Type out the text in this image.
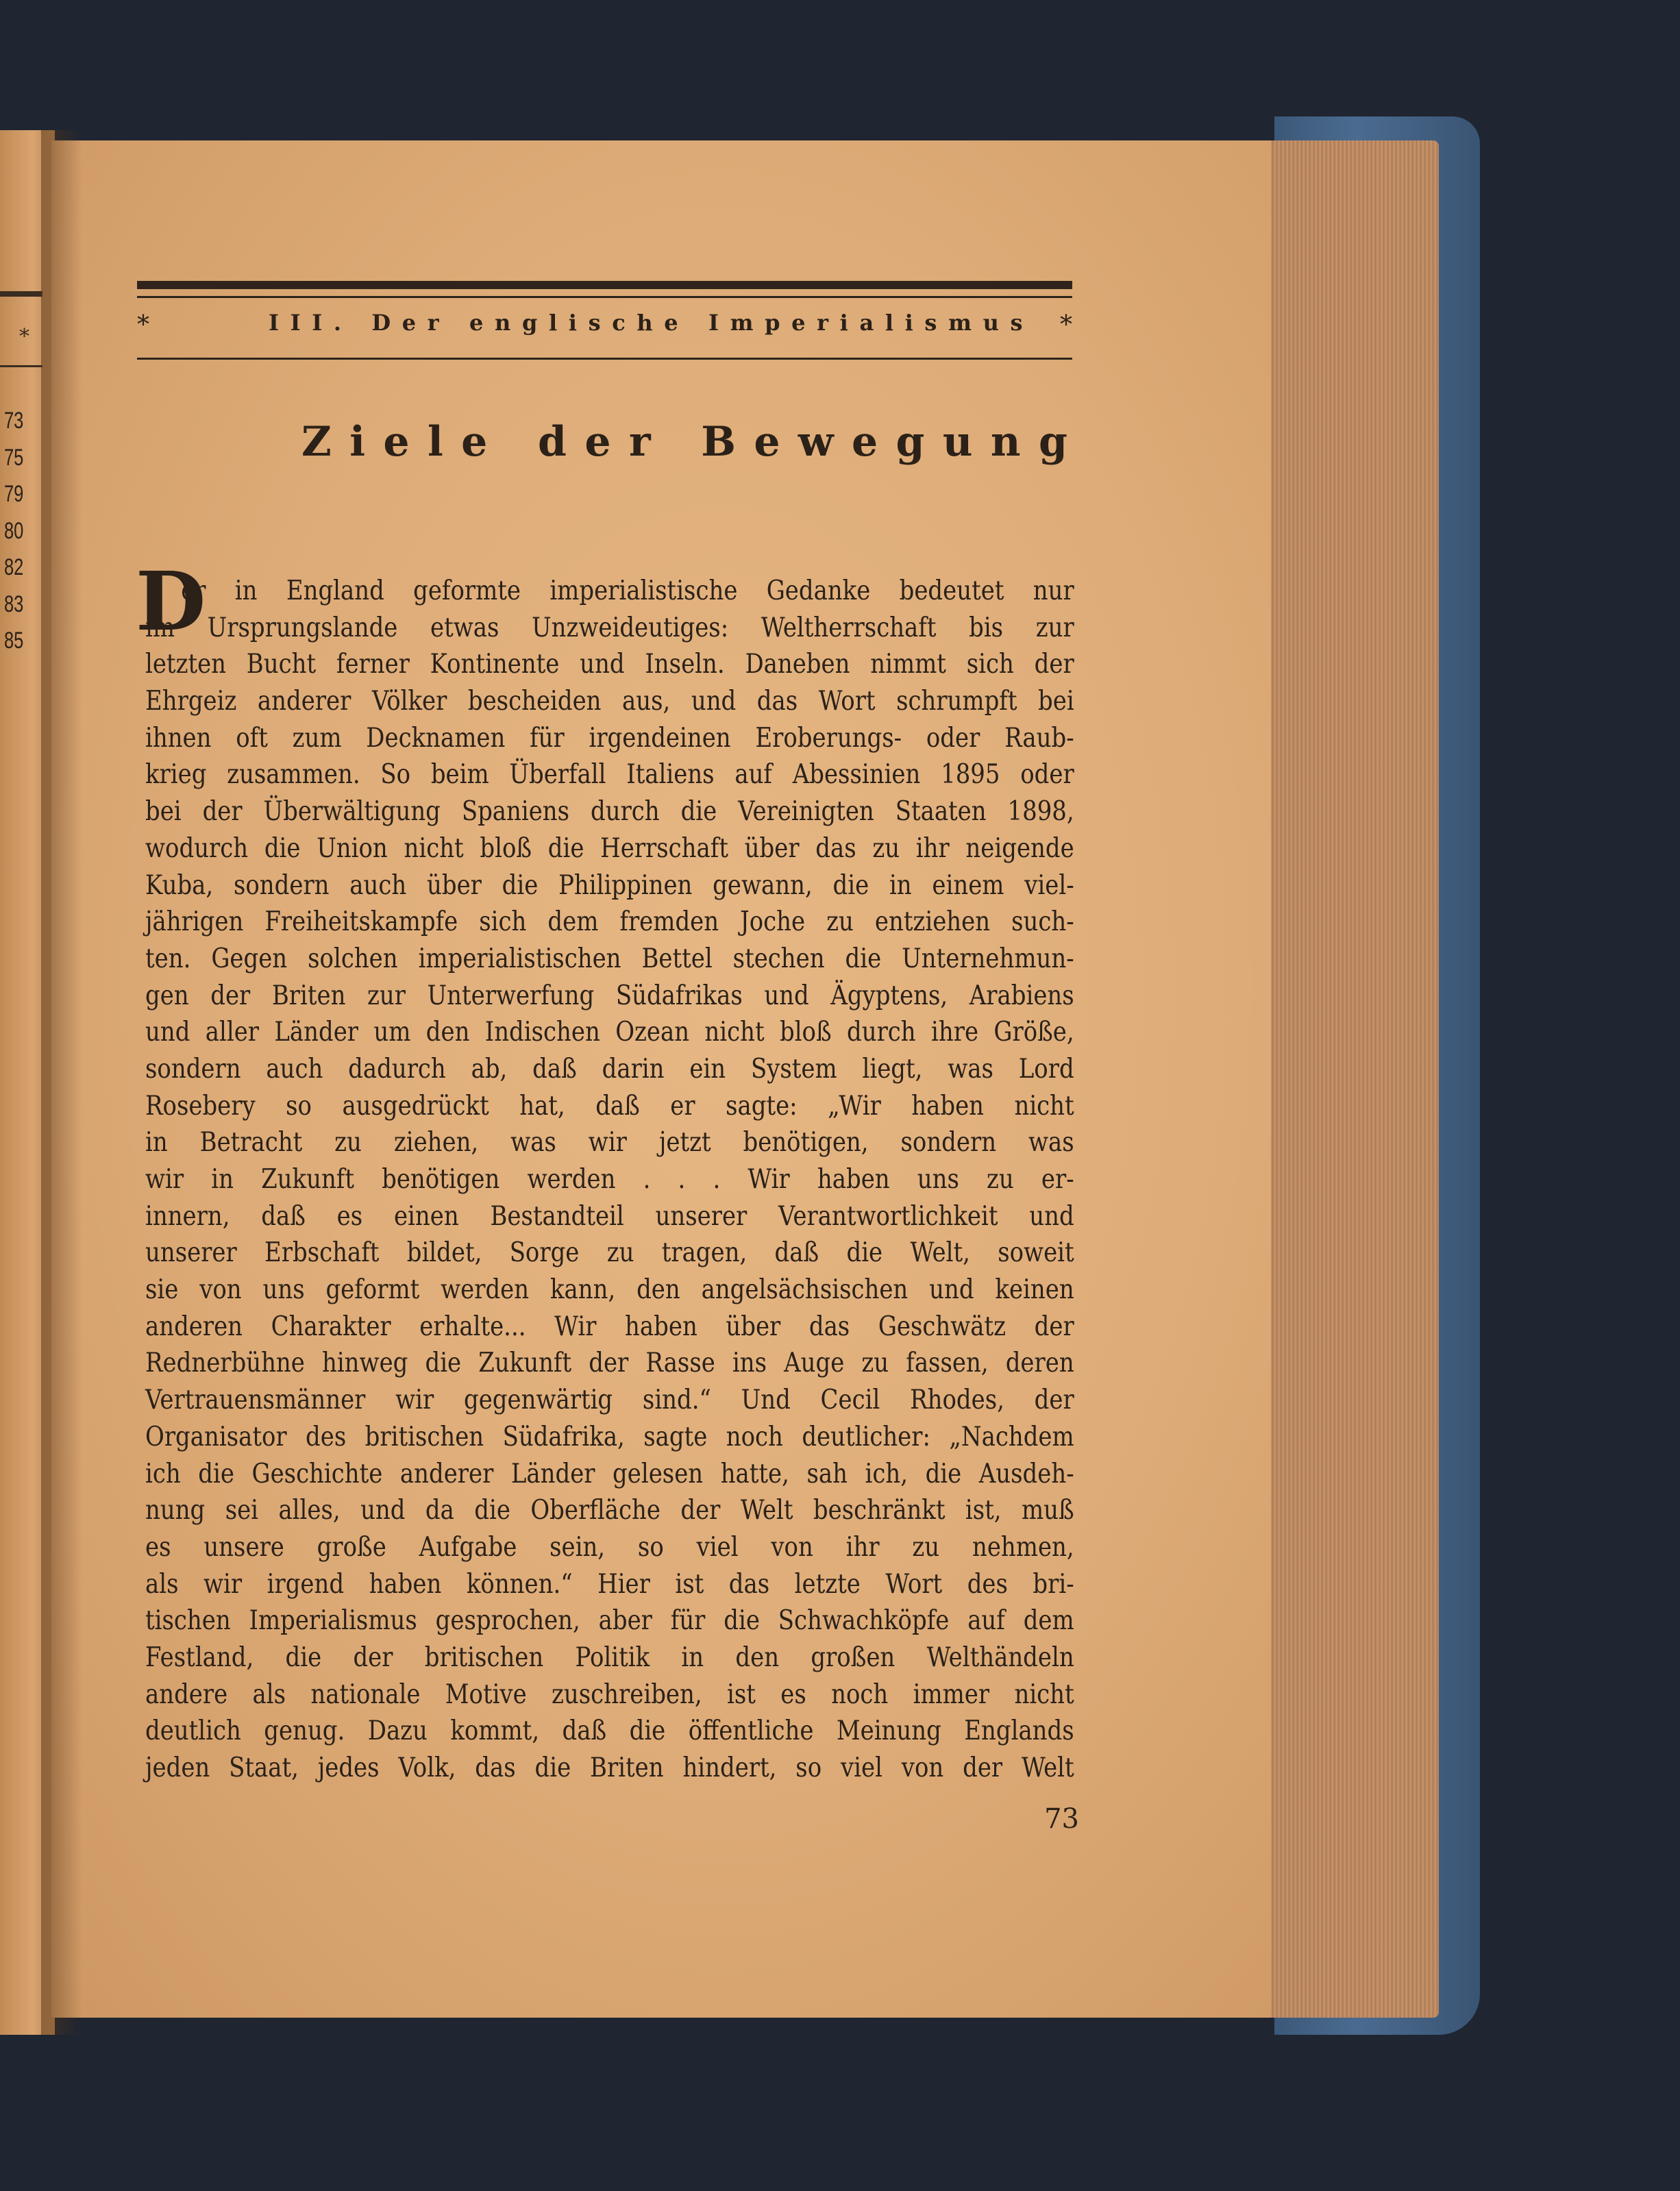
*
73
75
79
80
82
83
85
*	III. Der englische Imperialismus *
Ziele der Bewegung
D
er in England geformte imperialistische Gedanke bedeutet nur
im Ursprungslande etwas Unzweideutiges: Weltherrschaft bis zur
letzten Bucht ferner Kontinente und Inseln. Daneben nimmt sich der
Ehrgeiz anderer Völker bescheiden aus, und das Wort schrumpft bei
ihnen oft zum Decknamen für irgendeinen Eroberungs- oder Raub-
krieg zusammen. So beim Überfall Italiens auf Abessinien 1895 oder
bei der Überwältigung Spaniens durch die Vereinigten Staaten 1898,
wodurch die Union nicht bloß die Herrschaft über das zu ihr neigende
Kuba, sondern auch über die Philippinen gewann, die in einem viel-
jährigen Freiheitskampfe sich dem fremden Joche zu entziehen such-
ten. Gegen solchen imperialistischen Bettel stechen die Unternehmun-
gen der Briten zur Unterwerfung Südafrikas und Ägyptens, Arabiens
und aller Länder um den Indischen Ozean nicht bloß durch ihre Größe,
sondern auch dadurch ab, daß darin ein System liegt, was Lord
Rosebery so ausgedrückt hat, daß er sagte: „Wir haben nicht
in Betracht zu ziehen, was wir jetzt benötigen, sondern was
wir in Zukunft benötigen werden . . . Wir haben uns zu er-
innern, daß es einen Bestandteil unserer Verantwortlichkeit und
unserer Erbschaft bildet, Sorge zu tragen, daß die Welt, soweit
sie von uns geformt werden kann, den angelsächsischen und keinen
anderen Charakter erhalte... Wir haben über das Geschwätz der
Rednerbühne hinweg die Zukunft der Rasse ins Auge zu fassen, deren
Vertrauensmänner wir gegenwärtig sind.“ Und Cecil Rhodes, der
Organisator des britischen Südafrika, sagte noch deutlicher: „Nachdem
ich die Geschichte anderer Länder gelesen hatte, sah ich, die Ausdeh-
nung sei alles, und da die Oberfläche der Welt beschränkt ist, muß
es unsere große Aufgabe sein, so viel von ihr zu nehmen,
als wir irgend haben können.“ Hier ist das letzte Wort des bri-
tischen Imperialismus gesprochen, aber für die Schwachköpfe auf dem
Festland, die der britischen Politik in den großen Welthändeln
andere als nationale Motive zuschreiben, ist es noch immer nicht
deutlich genug. Dazu kommt, daß die öffentliche Meinung Englands
jeden Staat, jedes Volk, das die Briten hindert, so viel von der Welt
73
